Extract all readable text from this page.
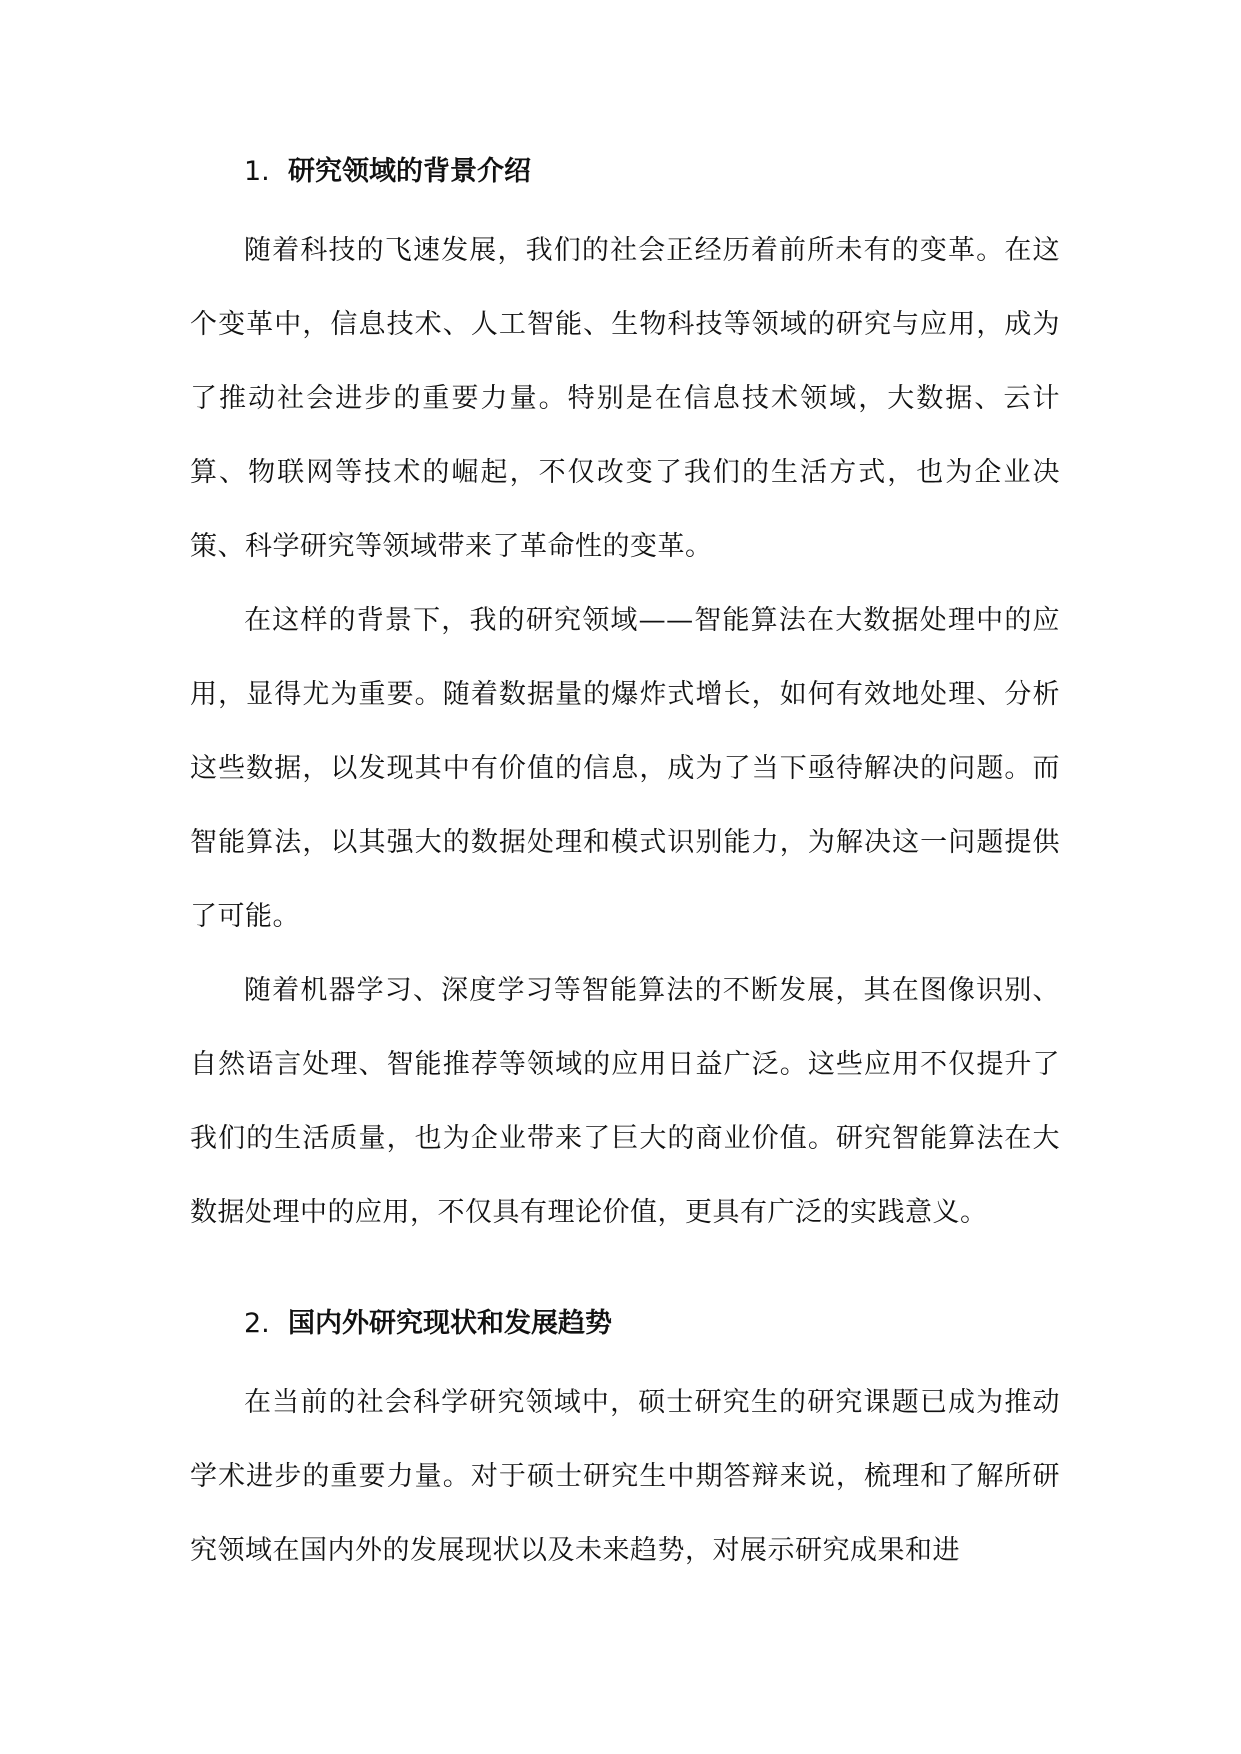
1. 研究领域的背景介绍

随着科技的飞速发展，我们的社会正经历着前所未有的变革。在这个变革中，信息技术、人工智能、生物科技等领域的研究与应用，成为了推动社会进步的重要力量。特别是在信息技术领域，大数据、云计算、物联网等技术的崛起，不仅改变了我们的生活方式，也为企业决策、科学研究等领域带来了革命性的变革。

在这样的背景下，我的研究领域——智能算法在大数据处理中的应用，显得尤为重要。随着数据量的爆炸式增长，如何有效地处理、分析这些数据，以发现其中有价值的信息，成为了当下亟待解决的问题。而智能算法，以其强大的数据处理和模式识别能力，为解决这一问题提供了可能。

随着机器学习、深度学习等智能算法的不断发展，其在图像识别、自然语言处理、智能推荐等领域的应用日益广泛。这些应用不仅提升了我们的生活质量，也为企业带来了巨大的商业价值。研究智能算法在大数据处理中的应用，不仅具有理论价值，更具有广泛的实践意义。

2. 国内外研究现状和发展趋势

在当前的社会科学研究领域中，硕士研究生的研究课题已成为推动学术进步的重要力量。对于硕士研究生中期答辩来说，梳理和了解所研究领域在国内外的发展现状以及未来趋势，对展示研究成果和进
